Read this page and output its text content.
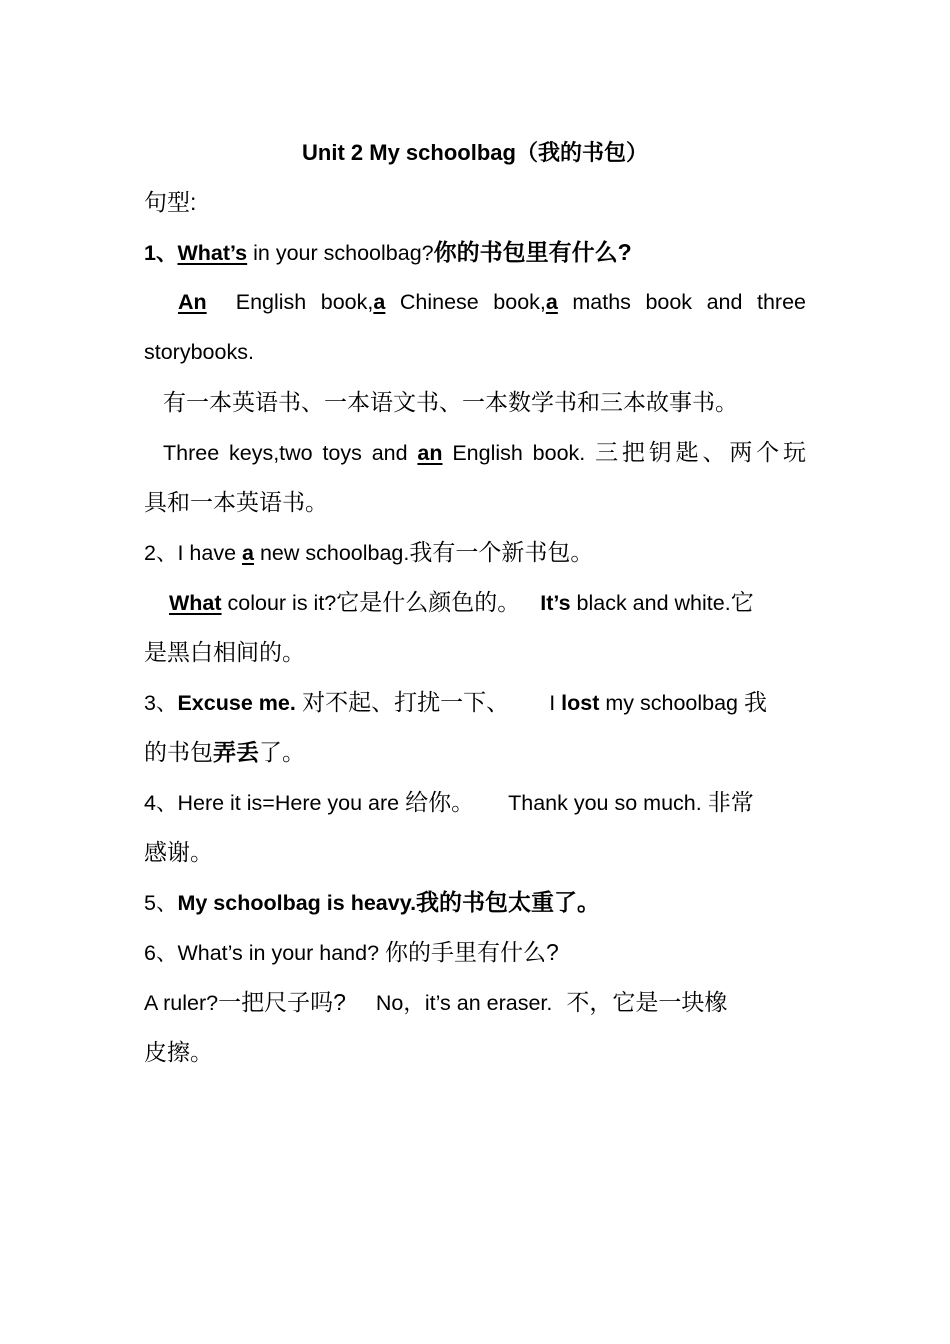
Unit 2 My schoolbag（我的书包）
句型:
1、What’s in your schoolbag?你的书包里有什么?
An  English book,a Chinese book,a maths book and three
storybooks.
有一本英语书、一本语文书、一本数学书和三本故事书。
Three keys,two toys and an English book. 三把钥匙、两个玩
具和一本英语书。
2、I have a new schoolbag.我有一个新书包。
What colour is it?它是什么颜色的。 It’s black and white.它
是黑白相间的。
3、Excuse me. 对不起、打扰一下、 I lost my schoolbag 我
的书包弄丢了。
4、Here it is=Here you are 给你。 Thank you so much. 非常
感谢。
5、My schoolbag is heavy.我的书包太重了。
6、What’s in your hand? 你的手里有什么?
A ruler?一把尺子吗? No，it’s an eraser. 不，它是一块橡
皮擦。
